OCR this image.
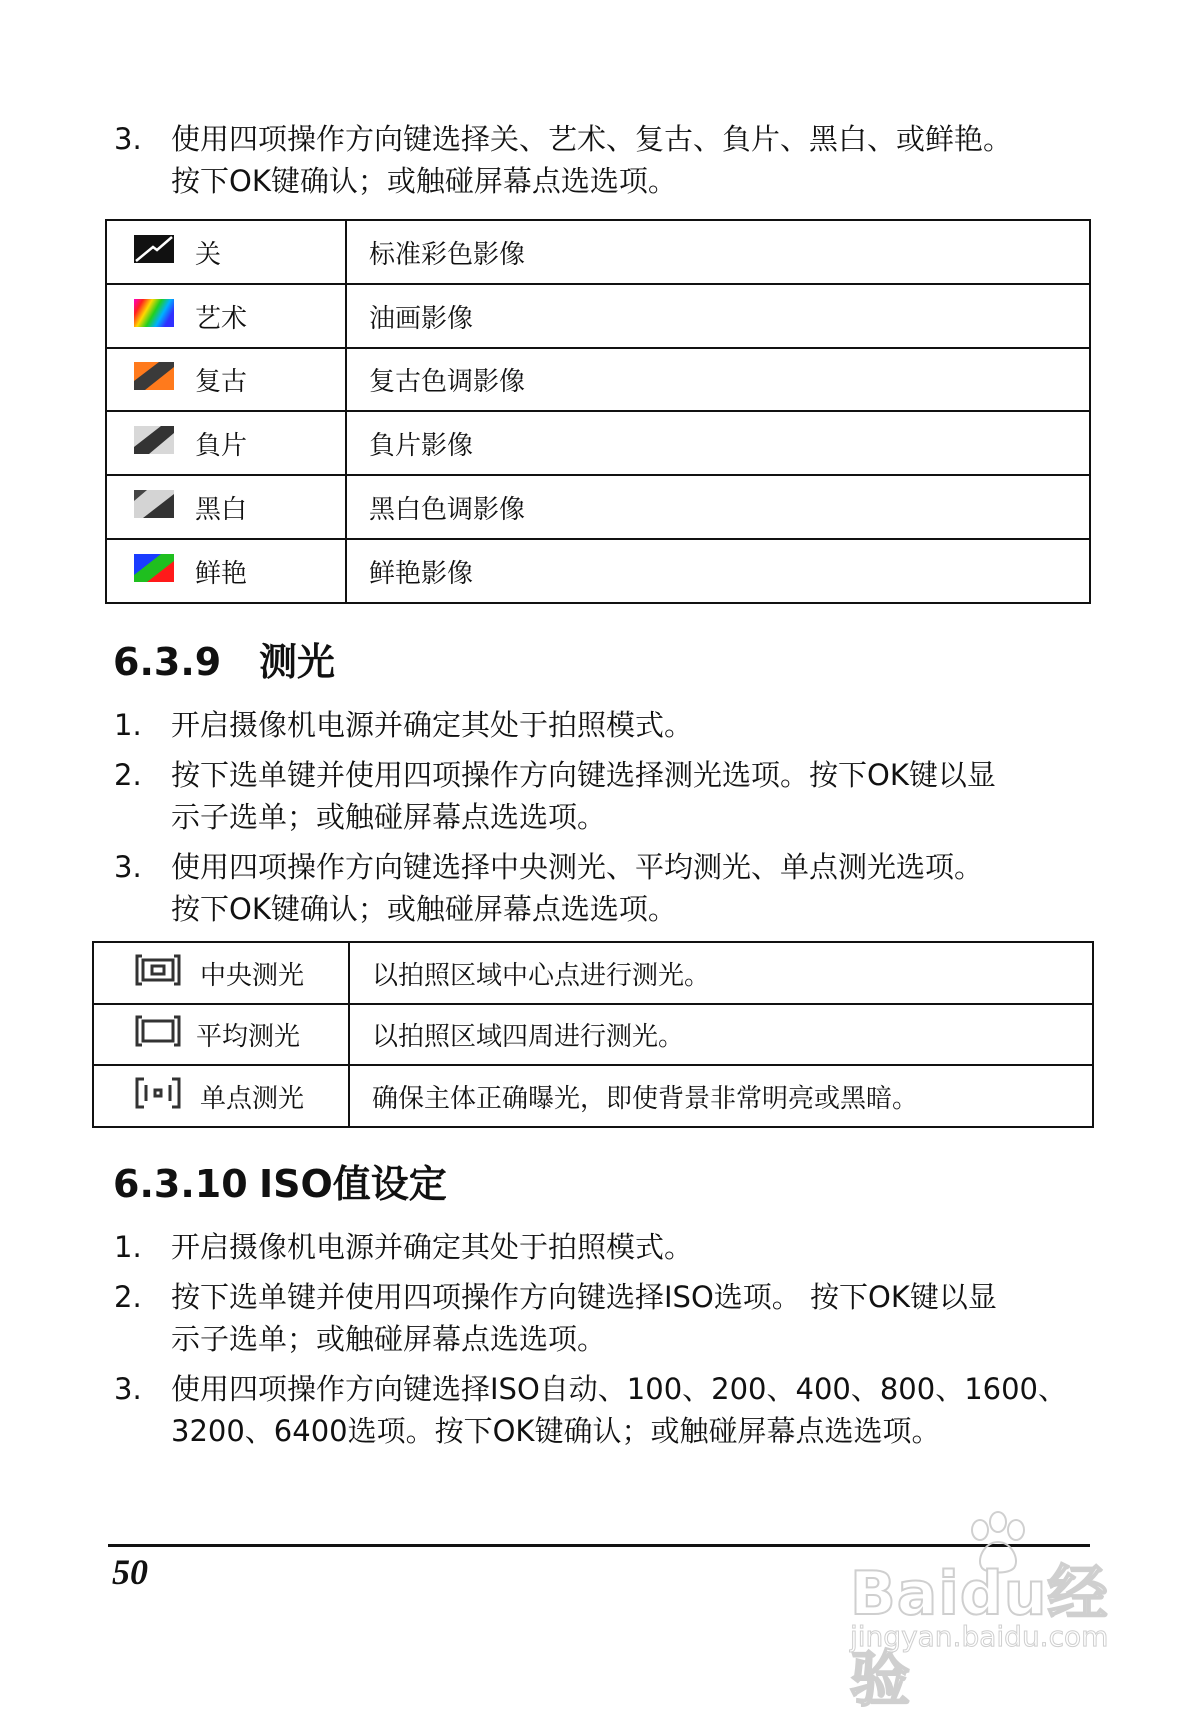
3.	使用四项操作方向键选择关、艺术、复古、負片、黑白、或鲜艳。
按下OK键确认；或触碰屏幕点选选项。
关	标准彩色影像
艺术	油画影像
复古	复古色调影像
負片	負片影像
黑白	黑白色调影像
鲜艳	鲜艳影像
6.3.9 测光
1.	开启摄像机电源并确定其处于拍照模式。
2.	按下选单键并使用四项操作方向键选择测光选项。按下OK键以显
示子选单；或触碰屏幕点选选项。
3.	使用四项操作方向键选择中央测光、平均测光、单点测光选项。
按下OK键确认；或触碰屏幕点选选项。
中央测光	以拍照区域中心点进行测光。
平均测光	以拍照区域四周进行测光。
单点测光	确保主体正确曝光，即使背景非常明亮或黑暗。
6.3.10 ISO值设定
1.	开启摄像机电源并确定其处于拍照模式。
2.	按下选单键并使用四项操作方向键选择ISO选项。 按下OK键以显
示子选单；或触碰屏幕点选选项。
3.	使用四项操作方向键选择ISO自动、100、200、400、800、1600、
3200、6400选项。按下OK键确认；或触碰屏幕点选选项。
50	Baidu经验
jingyan.baidu.com
